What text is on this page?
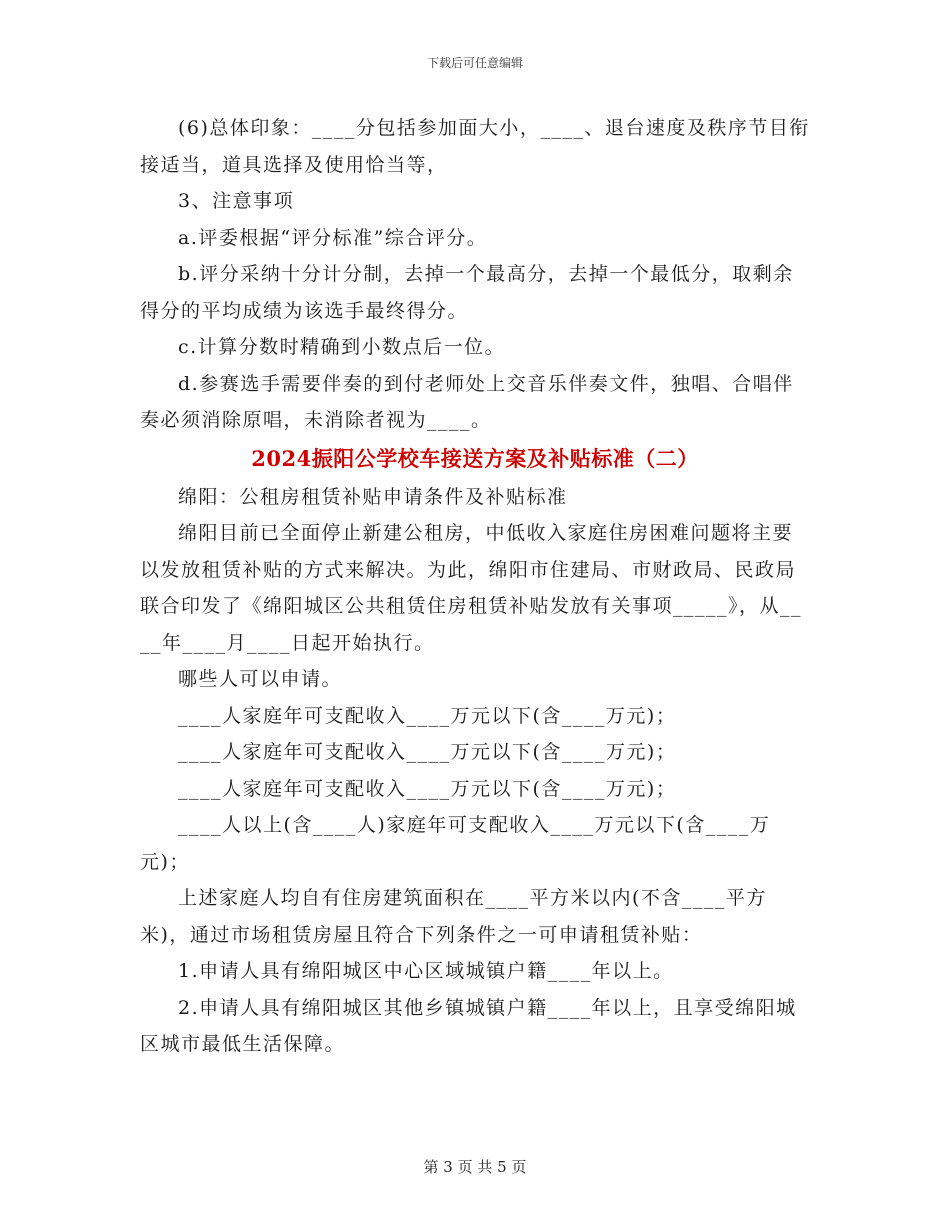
下载后可任意编辑

(6)总体印象：____分包括参加面大小，____、退台速度及秩序节目衔接适当，道具选择及使用恰当等，

3、注意事项

a.评委根据“评分标准”综合评分。

b.评分采纳十分计分制，去掉一个最高分，去掉一个最低分，取剩余得分的平均成绩为该选手最终得分。

c.计算分数时精确到小数点后一位。

d.参赛选手需要伴奏的到付老师处上交音乐伴奏文件，独唱、合唱伴奏必须消除原唱，未消除者视为____。

2024振阳公学校车接送方案及补贴标准（二）

绵阳：公租房租赁补贴申请条件及补贴标准

绵阳目前已全面停止新建公租房，中低收入家庭住房困难问题将主要以发放租赁补贴的方式来解决。为此，绵阳市住建局、市财政局、民政局联合印发了《绵阳城区公共租赁住房租赁补贴发放有关事项_____》，从____年____月____日起开始执行。

哪些人可以申请。

____人家庭年可支配收入____万元以下(含____万元)；

____人家庭年可支配收入____万元以下(含____万元)；

____人家庭年可支配收入____万元以下(含____万元)；

____人以上(含____人)家庭年可支配收入____万元以下(含____万元)；

上述家庭人均自有住房建筑面积在____平方米以内(不含____平方米)，通过市场租赁房屋且符合下列条件之一可申请租赁补贴：

1.申请人具有绵阳城区中心区域城镇户籍____年以上。

2.申请人具有绵阳城区其他乡镇城镇户籍____年以上，且享受绵阳城区城市最低生活保障。

第 3 页 共 5 页
